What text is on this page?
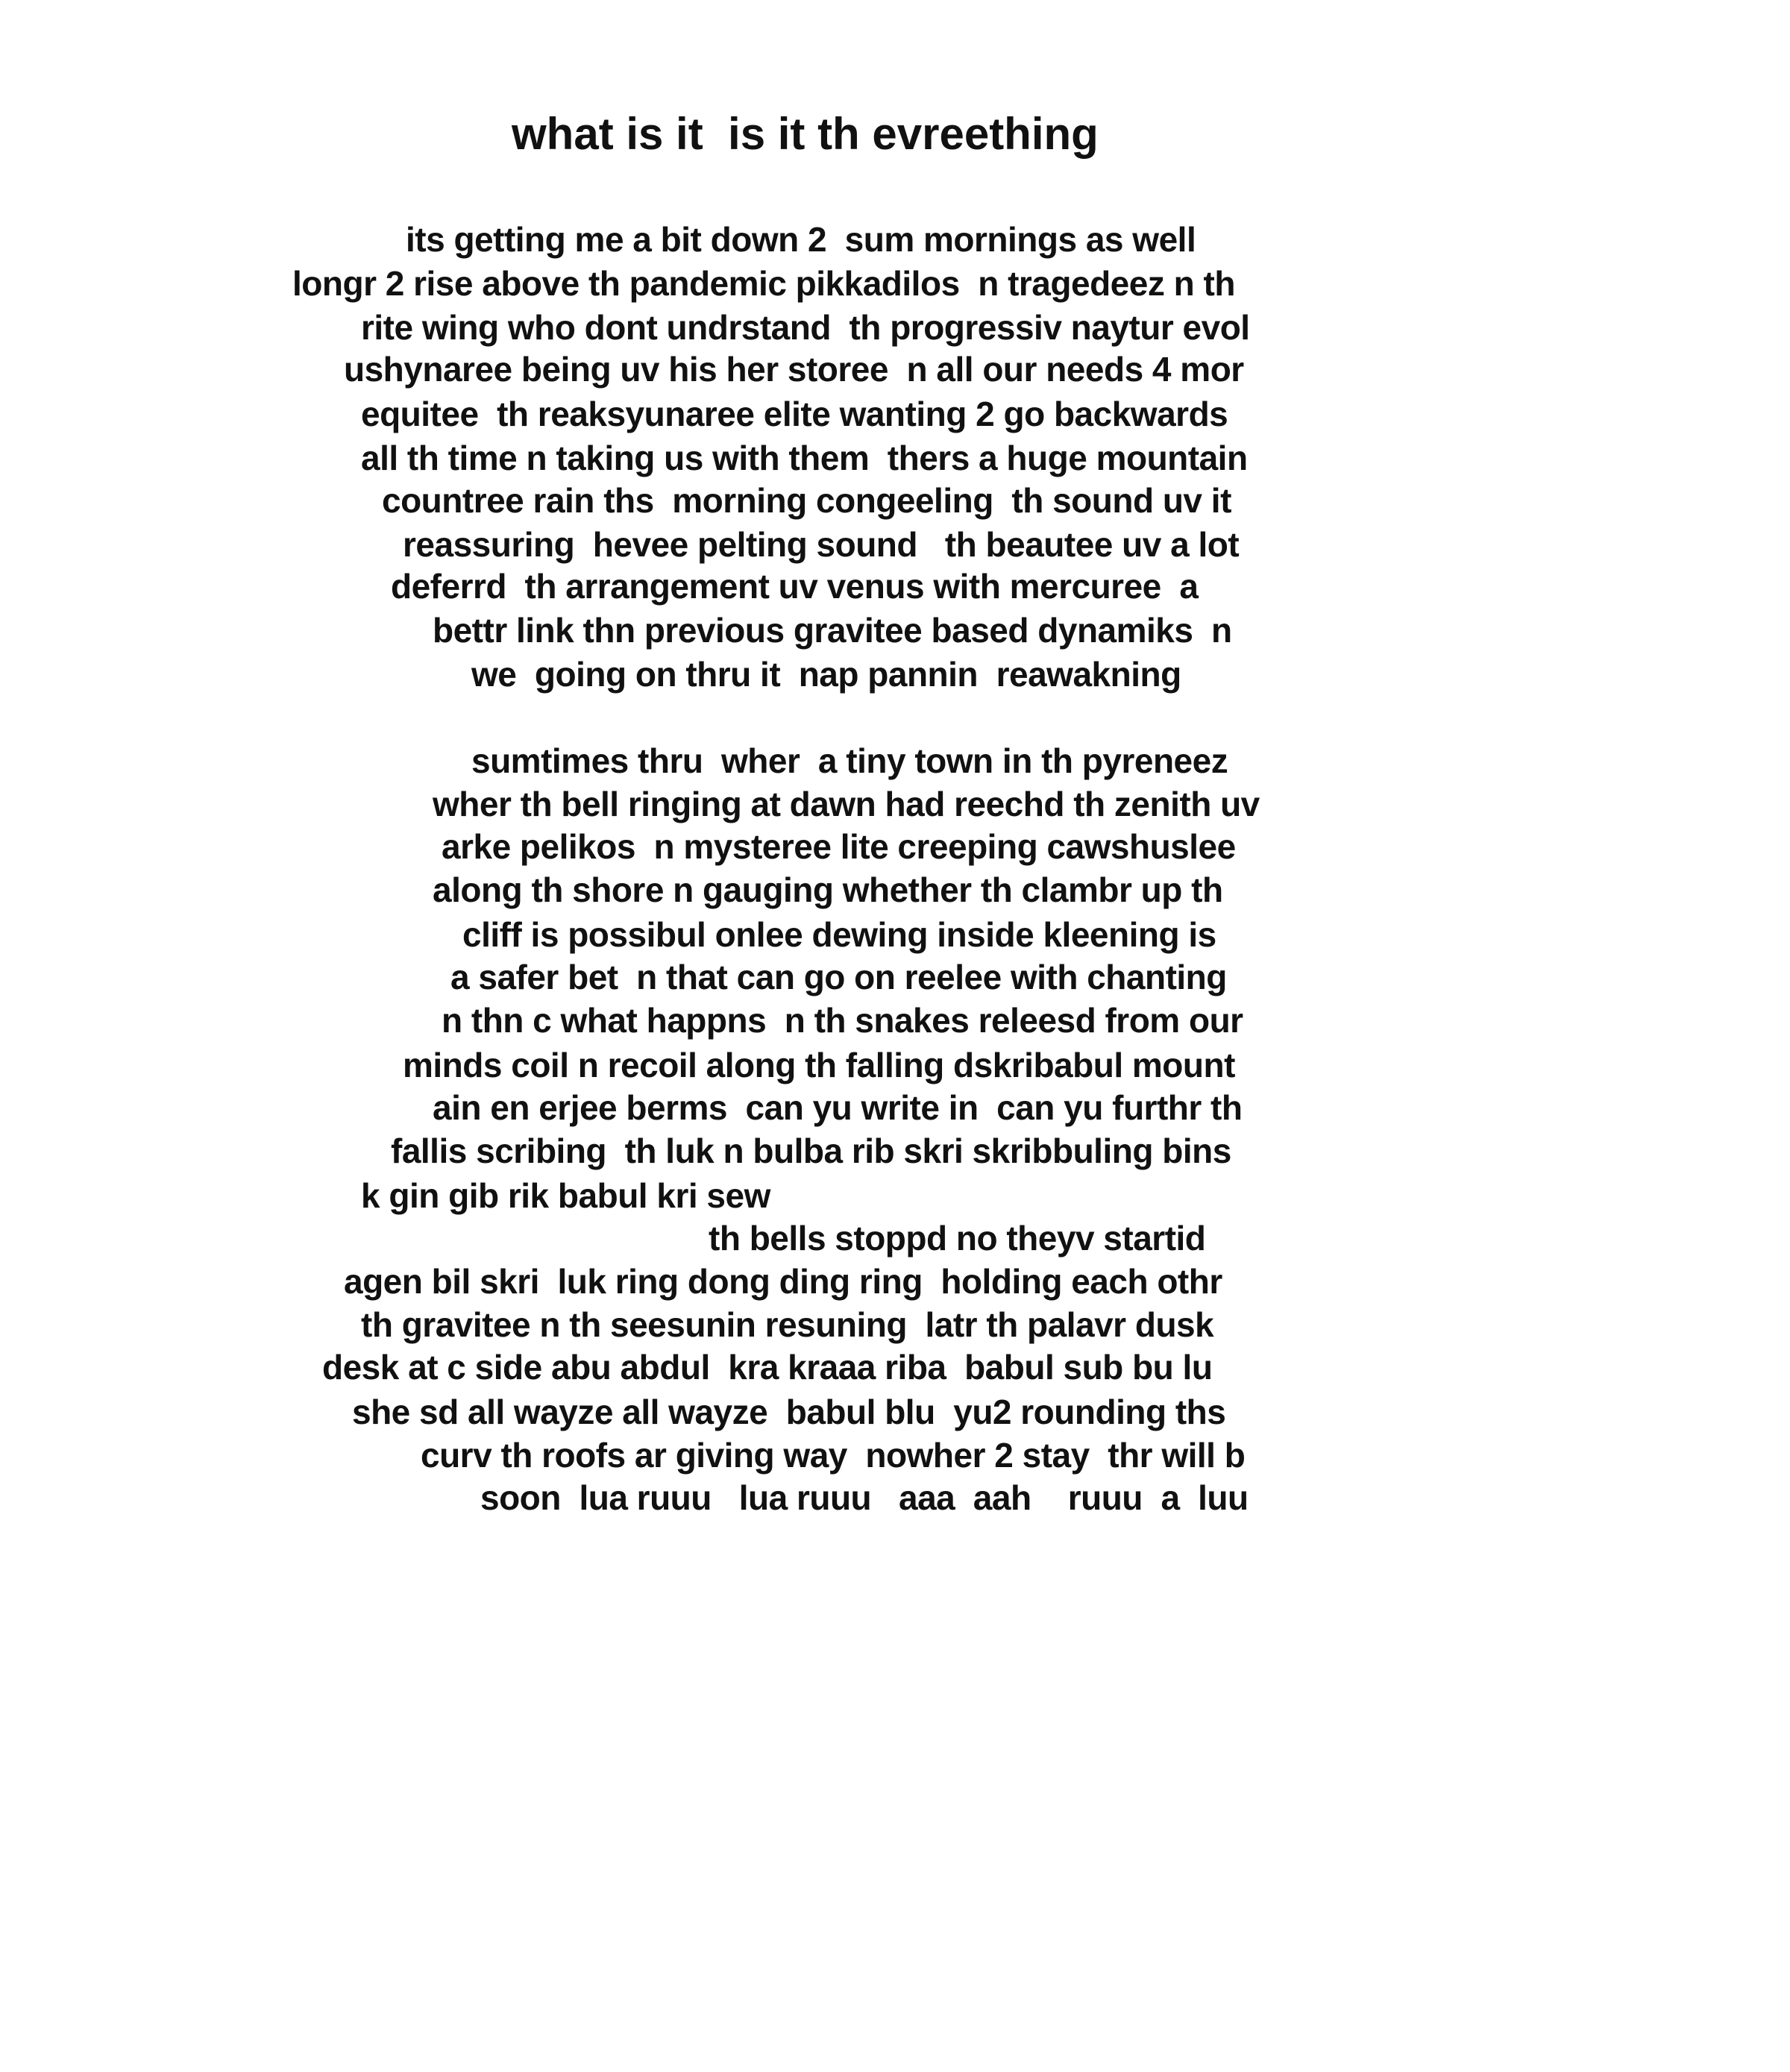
what is it  is it th evreething

its getting me a bit down 2  sum mornings as well

longr 2 rise above th pandemic pikkadilos  n tragedeez n th

rite wing who dont undrstand  th progressiv naytur evol

ushynaree being uv his her storee  n all our needs 4 mor

equitee  th reaksyunaree elite wanting 2 go backwards

all th time n taking us with them  thers a huge mountain

countree rain ths  morning congeeling  th sound uv it

reassuring  hevee pelting sound   th beautee uv a lot

deferrd  th arrangement uv venus with mercuree  a

bettr link thn previous gravitee based dynamiks  n

we  going on thru it  nap pannin  reawakning

sumtimes thru  wher  a tiny town in th pyreneez

wher th bell ringing at dawn had reechd th zenith uv

arke pelikos  n mysteree lite creeping cawshuslee

along th shore n gauging whether th clambr up th

cliff is possibul onlee dewing inside kleening is

a safer bet  n that can go on reelee with chanting

n thn c what happns  n th snakes releesd from our

minds coil n recoil along th falling dskribabul mount

ain en erjee berms  can yu write in  can yu furthr th

fallis scribing  th luk n bulba rib skri skribbuling bins

k gin gib rik babul kri sew

th bells stoppd no theyv startid

agen bil skri  luk ring dong ding ring  holding each othr

th gravitee n th seesunin resuning  latr th palavr dusk

desk at c side abu abdul  kra kraaa riba  babul sub bu lu

she sd all wayze all wayze  babul blu  yu2 rounding ths

curv th roofs ar giving way  nowher 2 stay  thr will b

soon  lua ruuu   lua ruuu   aaa  aah    ruuu  a  luu
